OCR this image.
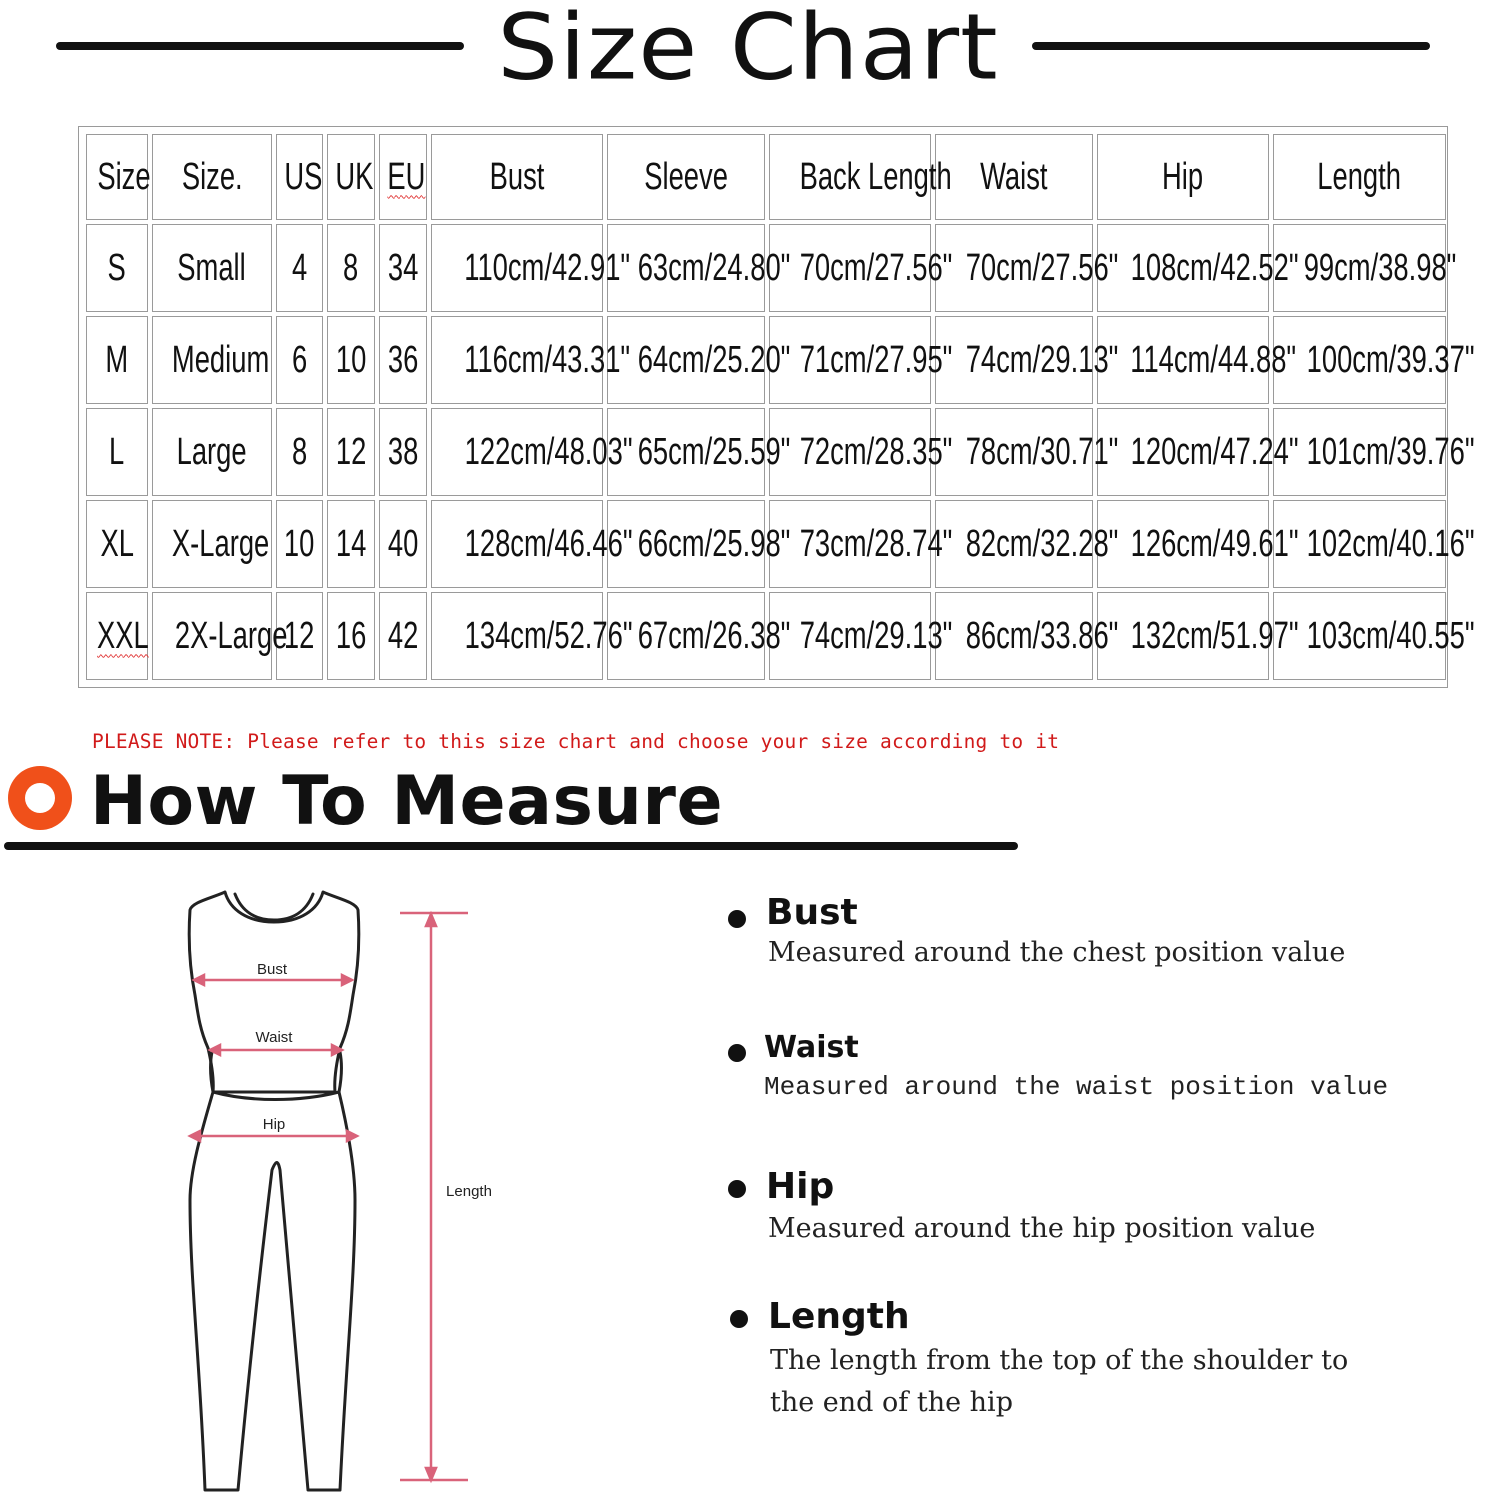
Size Chart
Size	Size.	US	UK	EU	Bust	Sleeve	Back Length	Waist	Hip	Length
S	Small	4	8	34	110cm/42.91"	63cm/24.80"	70cm/27.56"	70cm/27.56"	108cm/42.52"	99cm/38.98"
M	Medium	6	10	36	116cm/43.31"	64cm/25.20"	71cm/27.95"	74cm/29.13"	114cm/44.88"	100cm/39.37"
L	Large	8	12	38	122cm/48.03"	65cm/25.59"	72cm/28.35"	78cm/30.71"	120cm/47.24"	101cm/39.76"
XL	X-Large	10	14	40	128cm/46.46"	66cm/25.98"	73cm/28.74"	82cm/32.28"	126cm/49.61"	102cm/40.16"
XXL	2X-Large	12	16	42	134cm/52.76"	67cm/26.38"	74cm/29.13"	86cm/33.86"	132cm/51.97"	103cm/40.55"
PLEASE NOTE: Please refer to this size chart and choose your size according to it
How To Measure
Bust
Waist
Hip
Length
Bust
Measured around the chest position value
Waist
Measured around the waist position value
Hip
Measured around the hip position value
Length
The length from the top of the shoulder to
the end of the hip
